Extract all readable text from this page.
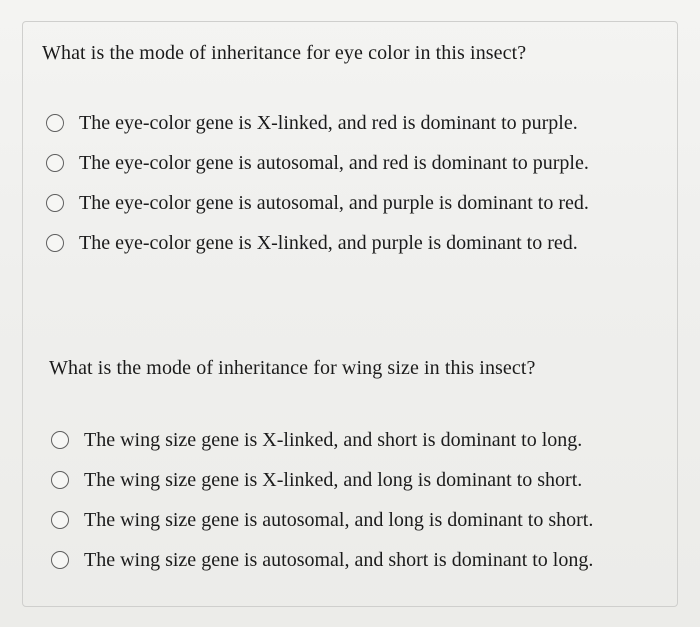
What is the mode of inheritance for eye color in this insect?
The eye-color gene is X-linked, and red is dominant to purple.
The eye-color gene is autosomal, and red is dominant to purple.
The eye-color gene is autosomal, and purple is dominant to red.
The eye-color gene is X-linked, and purple is dominant to red.
What is the mode of inheritance for wing size in this insect?
The wing size gene is X-linked, and short is dominant to long.
The wing size gene is X-linked, and long is dominant to short.
The wing size gene is autosomal, and long is dominant to short.
The wing size gene is autosomal, and short is dominant to long.
